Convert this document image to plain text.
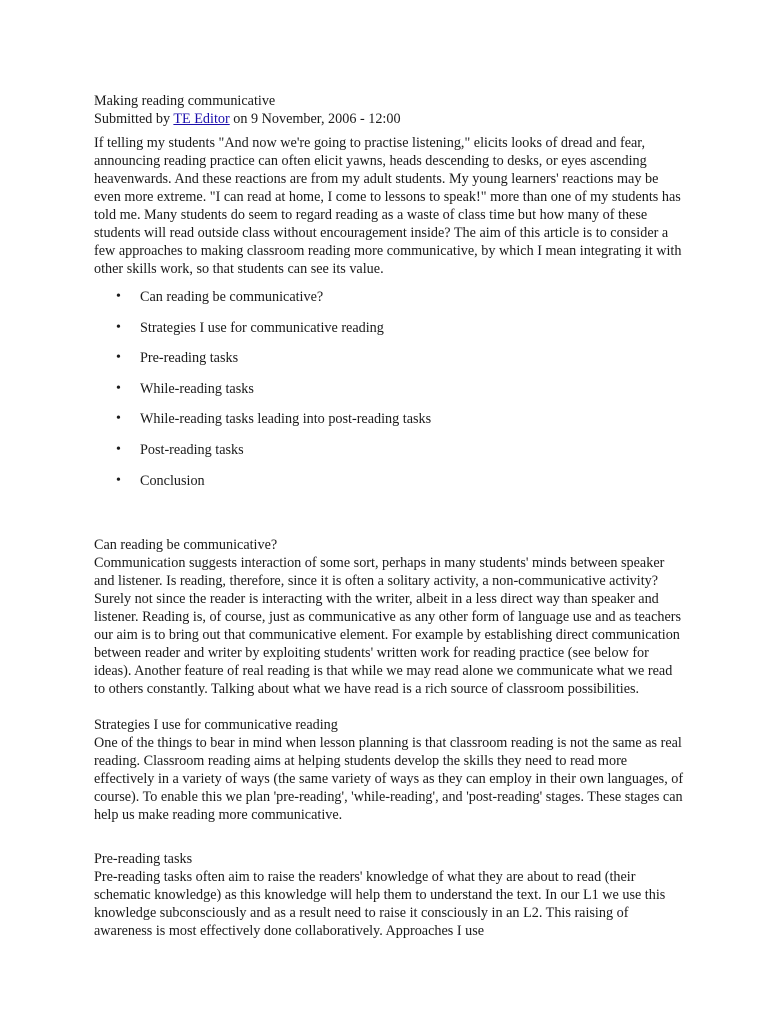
Making reading communicative

Submitted by TE Editor on 9 November, 2006 - 12:00

If telling my students "And now we're going to practise listening," elicits looks of dread and fear, announcing reading practice can often elicit yawns, heads descending to desks, or eyes ascending heavenwards. And these reactions are from my adult students. My young learners' reactions may be even more extreme. "I can read at home, I come to lessons to speak!" more than one of my students has told me. Many students do seem to regard reading as a waste of class time but how many of these students will read outside class without encouragement inside? The aim of this article is to consider a few approaches to making classroom reading more communicative, by which I mean integrating it with other skills work, so that students can see its value.

• Can reading be communicative?
• Strategies I use for communicative reading
• Pre-reading tasks
• While-reading tasks
• While-reading tasks leading into post-reading tasks
• Post-reading tasks
• Conclusion

Can reading be communicative?

Communication suggests interaction of some sort, perhaps in many students' minds between speaker and listener. Is reading, therefore, since it is often a solitary activity, a non-communicative activity? Surely not since the reader is interacting with the writer, albeit in a less direct way than speaker and listener. Reading is, of course, just as communicative as any other form of language use and as teachers our aim is to bring out that communicative element. For example by establishing direct communication between reader and writer by exploiting students' written work for reading practice (see below for ideas). Another feature of real reading is that while we may read alone we communicate what we read to others constantly. Talking about what we have read is a rich source of classroom possibilities.

Strategies I use for communicative reading

One of the things to bear in mind when lesson planning is that classroom reading is not the same as real reading. Classroom reading aims at helping students develop the skills they need to read more effectively in a variety of ways (the same variety of ways as they can employ in their own languages, of course). To enable this we plan 'pre-reading', 'while-reading', and 'post-reading' stages. These stages can help us make reading more communicative.

Pre-reading tasks

Pre-reading tasks often aim to raise the readers' knowledge of what they are about to read (their schematic knowledge) as this knowledge will help them to understand the text. In our L1 we use this knowledge subconsciously and as a result need to raise it consciously in an L2. This raising of awareness is most effectively done collaboratively. Approaches I use
